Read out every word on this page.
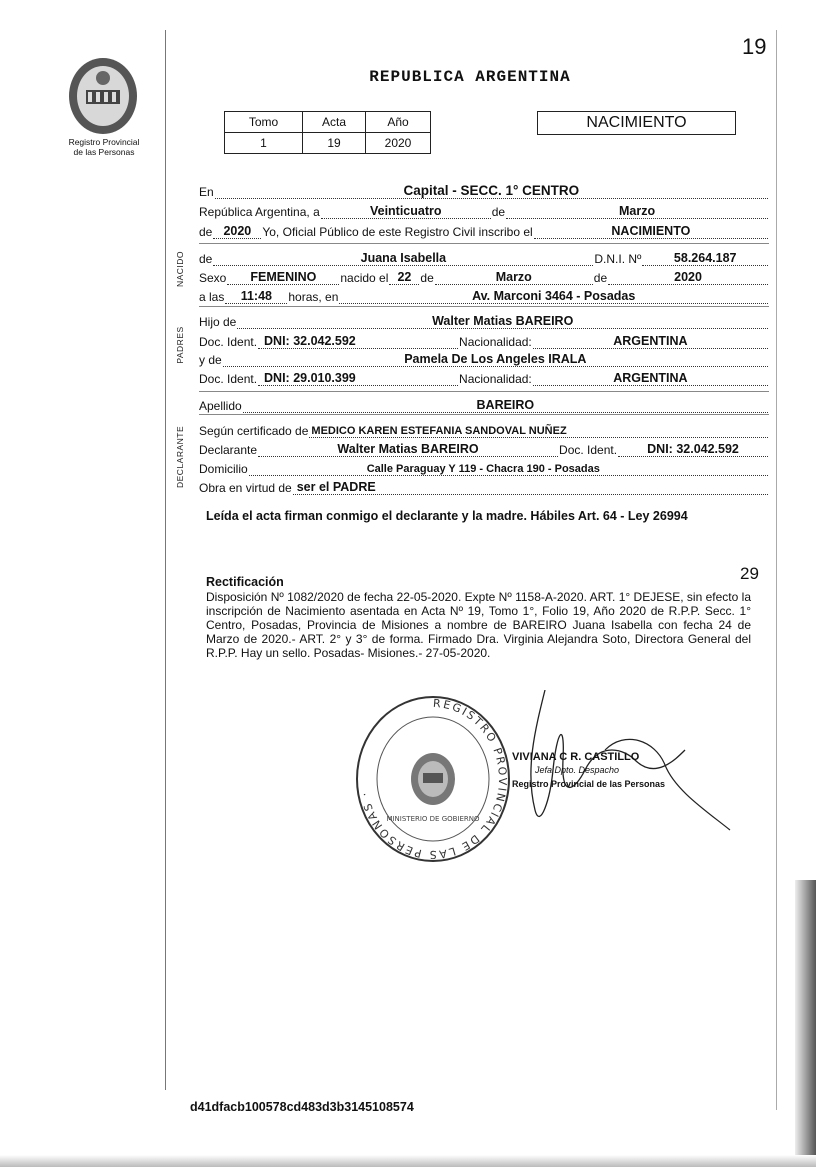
19
Registro Provincial
de las Personas
REPUBLICA ARGENTINA
Tomo	Acta	Año
1	19	2020
NACIMIENTO
NACIDO
PADRES
DECLARANTE
En	Capital - SECC. 1° CENTRO
República Argentina, a	Veinticuatro	de	Marzo
de 2020 Yo, Oficial Público de este Registro Civil inscribo el	NACIMIENTO
de	Juana Isabella	D.N.I. Nº	58.264.187
Sexo	FEMENINO	nacido el 22 de	Marzo	de	2020
a las	11:48	horas, en	Av. Marconi 3464 - Posadas
Hijo de	Walter Matias BAREIRO
Doc. Ident. DNI: 32.042.592	Nacionalidad:	ARGENTINA
y de	Pamela De Los Angeles IRALA
Doc. Ident. DNI: 29.010.399	Nacionalidad:	ARGENTINA
Apellido	BAREIRO
Según certificado de MEDICO KAREN ESTEFANIA SANDOVAL NUÑEZ
Declarante	Walter Matias BAREIRO	Doc. Ident.	DNI: 32.042.592
Domicilio	Calle Paraguay Y 119 - Chacra 190 - Posadas
Obra en virtud de ser el PADRE
Leída el acta firman conmigo el declarante y la madre. Hábiles Art. 64 - Ley 26994
29
Rectificación
Disposición Nº 1082/2020 de fecha 22-05-2020. Expte Nº 1158-A-2020. ART. 1° DEJESE, sin efecto la inscripción de Nacimiento asentada en Acta Nº 19, Tomo 1°, Folio 19, Año 2020 de R.P.P. Secc. 1° Centro, Posadas, Provincia de Misiones a nombre de BAREIRO Juana Isabella con fecha 24 de Marzo de 2020.- ART. 2° y 3° de forma. Firmado Dra. Virginia Alejandra Soto, Directora General del R.P.P. Hay un sello. Posadas- Misiones.- 27-05-2020.
REGISTRO PROVINCIAL DE LAS PERSONAS ·
MINISTERIO DE GOBIERNO
VIVIANA C R. CASTILLO
Jefa Dpto. Despacho
Registro Provincial de las Personas
d41dfacb100578cd483d3b3145108574
